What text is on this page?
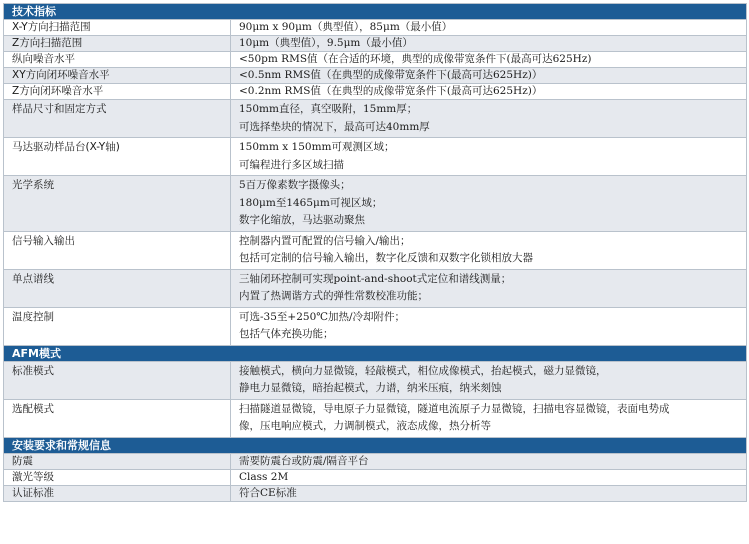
技术指标	
X-Y方向扫描范围	90μm x 90μm（典型值），85μm（最小值）

Z方向扫描范围	10μm（典型值），9.5μm（最小值）

纵向噪音水平	<50pm RMS值（在合适的环境，典型的成像带宽条件下(最高可达625Hz)

XY方向闭环噪音水平	<0.5nm RMS值（在典型的成像带宽条件下(最高可达625Hz)）

Z方向闭环噪音水平	<0.2nm RMS值（在典型的成像带宽条件下(最高可达625Hz)）

样品尺寸和固定方式	150mm直径，真空吸附，15mm厚；
可选择垫块的情况下，最高可达40mm厚

马达驱动样品台(X-Y轴)	150mm x 150mm可观测区域；
可编程进行多区域扫描

光学系统	5百万像素数字摄像头；
180μm至1465μm可视区域；
数字化缩放，马达驱动聚焦

信号输入输出	控制器内置可配置的信号输入/输出；
包括可定制的信号输入输出，数字化反馈和双数字化锁相放大器

单点谱线	三轴闭环控制可实现point-and-shoot式定位和谱线测量；
内置了热调谐方式的弹性常数校准功能；

温度控制	可选-35至+250℃加热/冷却附件；
包括气体充换功能；

AFM模式	
标准模式	接触模式，横向力显微镜，轻敲模式，相位成像模式，抬起模式，磁力显微镜，
静电力显微镜，暗抬起模式，力谱，纳米压痕，纳米刻蚀

选配模式	扫描隧道显微镜，导电原子力显微镜，隧道电流原子力显微镜，扫描电容显微镜，表面电势成
像，压电响应模式，力调制模式，液态成像，热分析等

安装要求和常规信息	
防震	需要防震台或防震/隔音平台

激光等级	Class 2M

认证标准	符合CE标准
